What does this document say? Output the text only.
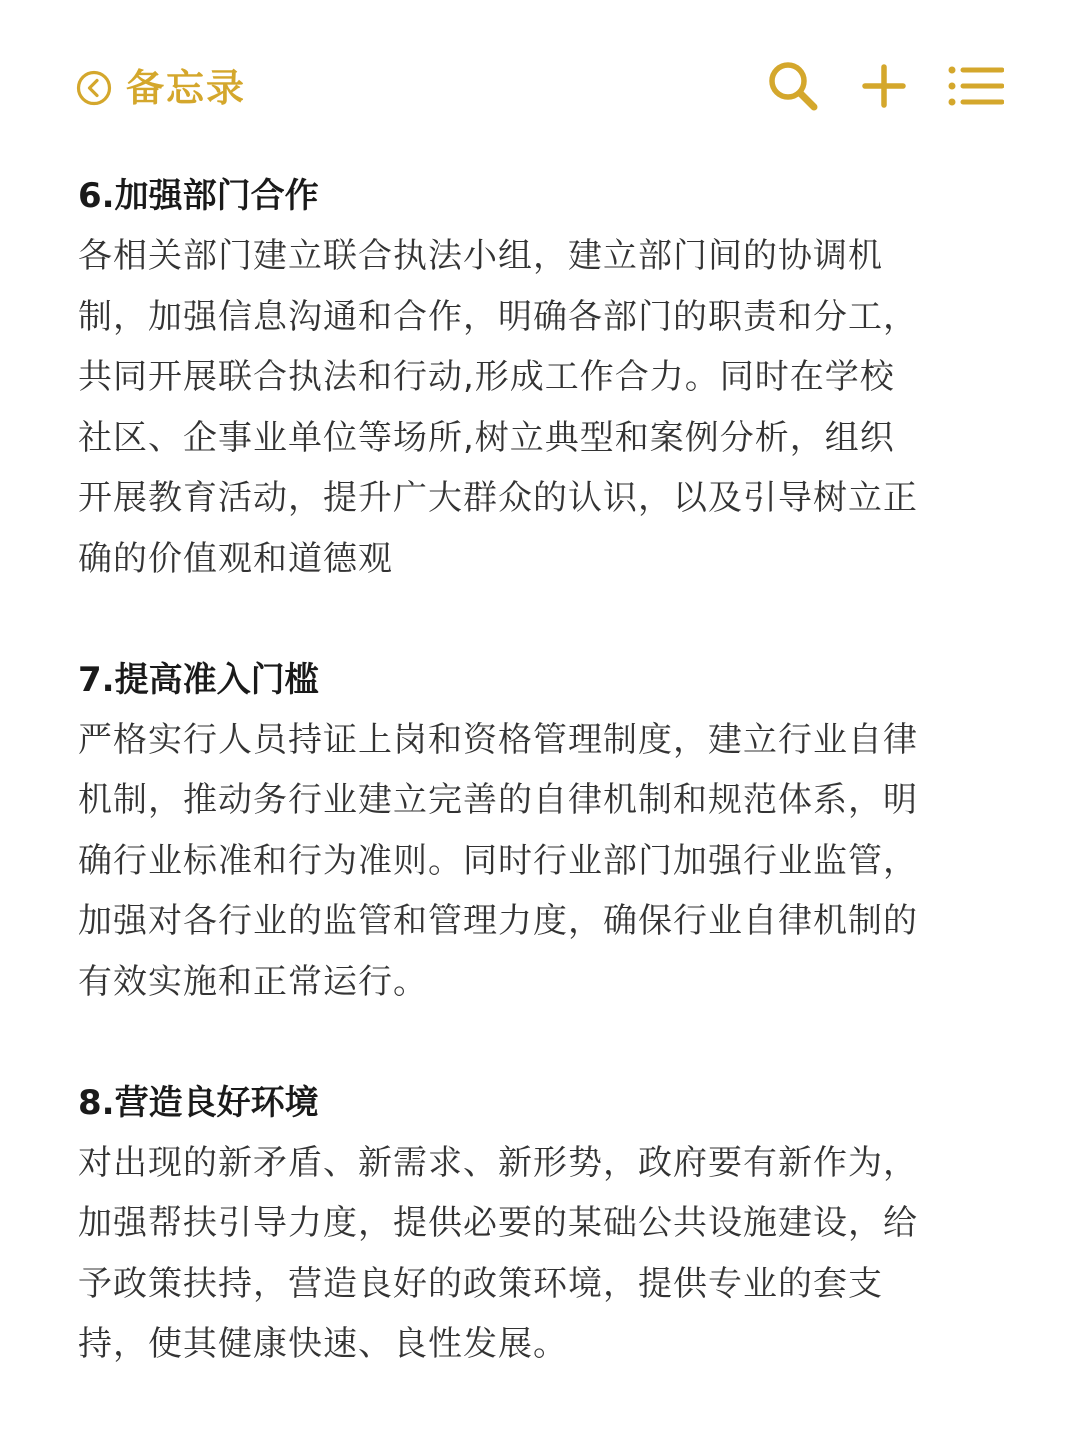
备忘录
6.加强部门合作
各相关部门建立联合执法小组，建立部门间的协调机
制，加强信息沟通和合作，明确各部门的职责和分工，
共同开展联合执法和行动,形成工作合力。同时在学校
社区、企事业单位等场所,树立典型和案例分析，组织
开展教育活动，提升广大群众的认识，以及引导树立正
确的价值观和道德观
7.提高准入门槛
严格实行人员持证上岗和资格管理制度，建立行业自律
机制，推动务行业建立完善的自律机制和规范体系，明
确行业标准和行为准则。同时行业部门加强行业监管，
加强对各行业的监管和管理力度，确保行业自律机制的
有效实施和正常运行。
8.营造良好环境
对出现的新矛盾、新需求、新形势，政府要有新作为，
加强帮扶引导力度，提供必要的某础公共设施建设，给
予政策扶持，营造良好的政策环境，提供专业的套支
持，使其健康快速、良性发展。
